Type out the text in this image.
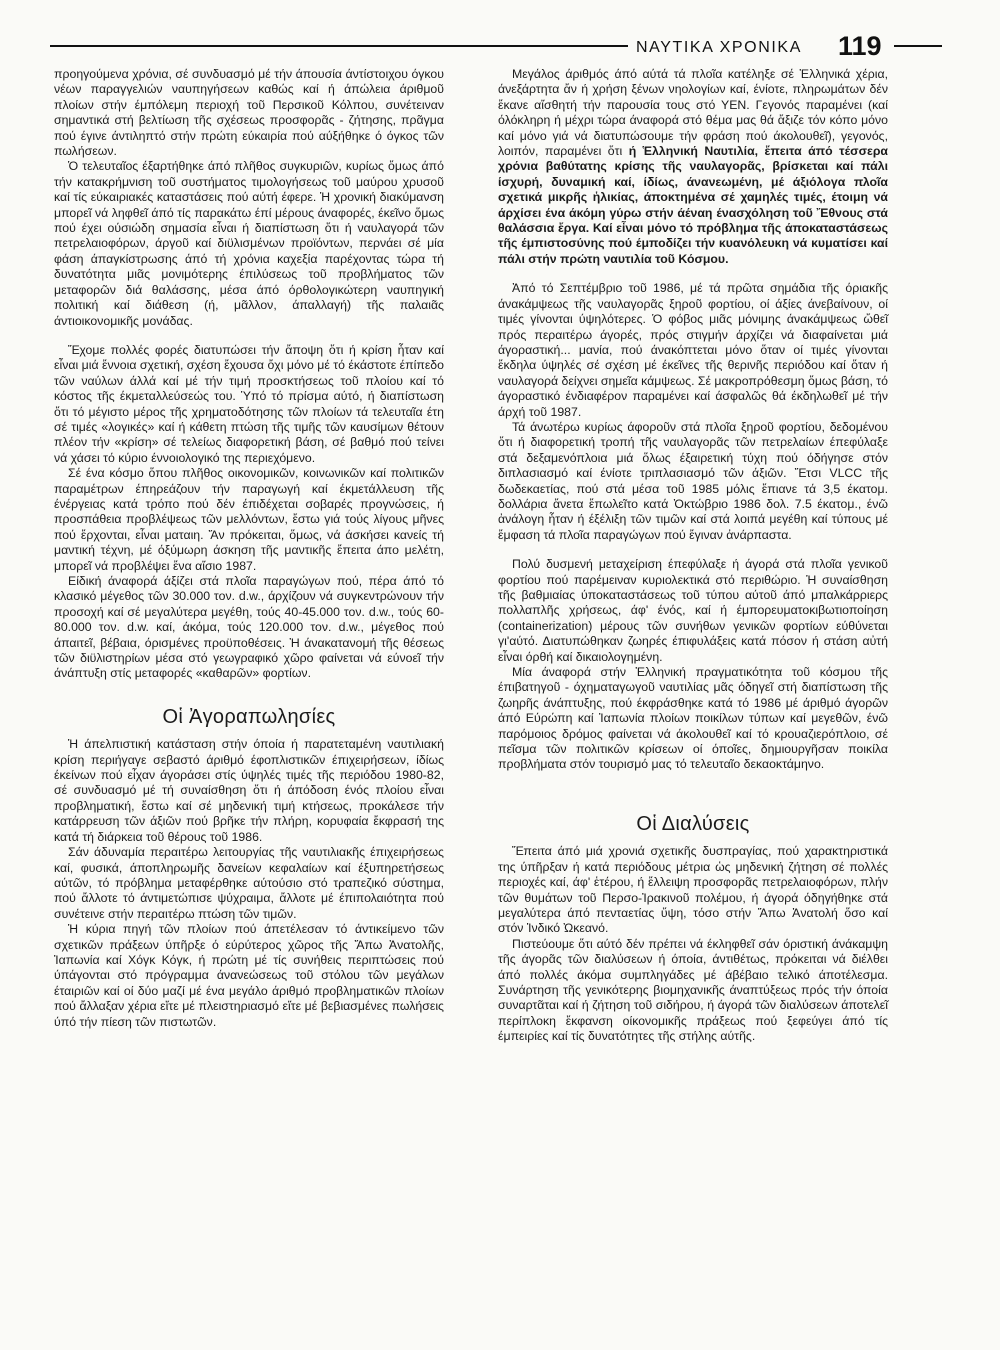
ΝΑΥΤΙΚΑ ΧΡΟΝΙΚΑ 119

προηγούμενα χρόνια, σέ συνδυασμό μέ τήν άπουσία άντίστοιχου όγκου νέων παραγγελιών ναυπηγήσεων καθώς καί ή άπώλεια άριθμοῦ πλοίων στήν έμπόλεμη περιοχή τοῦ Περσικοῦ Κόλπου, συνέτειναν σημαντικά στή βελτίωση τῆς σχέσεως προσφορᾶς - ζήτησης, πρᾶγμα πού έγινε άντιληπτό στήν πρώτη εύκαιρία πού αύξήθηκε ό όγκος τῶν πωλήσεων.

Ὁ τελευταῖος έξαρτήθηκε άπό πλῆθος συγκυριῶν, κυρίως ὅμως άπό τήν κατακρήμνιση τοῦ συστήματος τιμολογήσεως τοῦ μαύρου χρυσοῦ καί τίς εύκαιριακές καταστάσεις πού αύτή έφερε. Ἡ χρονική διακύμανση μπορεῖ νά ληφθεῖ άπό τίς παρακάτω έπί μέρους άναφορές, έκεῖνο ὅμως πού έχει ούσιώδη σημασία εἶναι ή διαπίστωση ὅτι ή ναυλαγορά τῶν πετρελαιοφόρων, άργοῦ καί διϋλισμένων προϊόντων, περνάει σέ μία φάση άπαγκίστρωσης άπό τή χρόνια καχεξία παρέχοντας τώρα τή δυνατότητα μιᾶς μονιμότερης έπιλύσεως τοῦ προβλήματος τῶν μεταφορῶν διά θαλάσσης, μέσα άπό όρθολογικώτερη ναυπηγική πολιτική καί διάθεση (ή, μᾶλλον, άπαλλαγή) τῆς παλαιᾶς άντιοικονομικῆς μονάδας.

Ἔχομε πολλές φορές διατυπώσει τήν ἄποψη ὅτι ή κρίση ἦταν καί εἶναι μιά ἔννοια σχετική, σχέση ἔχουσα ὄχι μόνο μέ τό έκάστοτε έπίπεδο τῶν ναύλων άλλά καί μέ τήν τιμή προσκτήσεως τοῦ πλοίου καί τό κόστος τῆς έκμεταλλεύσεώς του. Ὑπό τό πρίσμα αύτό, ή διαπίστωση ὅτι τό μέγιστο μέρος τῆς χρηματοδότησης τῶν πλοίων τά τελευταῖα έτη σέ τιμές «λογικές» καί ή κάθετη πτώση τῆς τιμῆς τῶν καυσίμων θέτουν πλέον τήν «κρίση» σέ τελείως διαφορετική βάση, σέ βαθμό πού τείνει νά χάσει τό κύριο έννοιολογικό της περιεχόμενο.

Σέ ένα κόσμο ὅπου πλῆθος οικονομικῶν, κοινωνικῶν καί πολιτικῶν παραμέτρων έπηρεάζουν τήν παραγωγή καί έκμετάλλευση τῆς ένέργειας κατά τρόπο πού δέν έπιδέχεται σοβαρές προγνώσεις, ή προσπάθεια προβλέψεως τῶν μελλόντων, ἔστω γιά τούς λίγους μῆνες πού ἔρχονται, εἶναι ματαιη. Ἄν πρόκειται, ὅμως, νά άσκήσει κανείς τή μαντική τέχνη, μέ όξύμωρη άσκηση τῆς μαντικῆς ἔπειτα άπο μελέτη, μπορεῖ νά προβλέψει ἔνα αἴσιο 1987.

Είδική άναφορά άξίζει στά πλοῖα παραγώγων πού, πέρα άπό τό κλασικό μέγεθος τῶν 30.000 τον. d.w., άρχίζουν νά συγκεντρώνουν τήν προσοχή καί σέ μεγαλύτερα μεγέθη, τούς 40-45.000 τον. d.w., τούς 60-80.000 τον. d.w. καί, άκόμα, τούς 120.000 τον. d.w., μέγεθος πού άπαιτεῖ, βέβαια, όρισμένες προϋποθέσεις. Ἡ άνακατανομή τῆς θέσεως τῶν διϋλιστηρίων μέσα στό γεωγραφικό χῶρο φαίνεται νά εύνοεῖ τήν άνάπτυξη στίς μεταφορές «καθαρῶν» φορτίων.

Οἱ Ἀγοραπωλησίες

Ἡ άπελπιστική κατάσταση στήν όποία ή παρατεταμένη ναυτιλιακή κρίση περιήγαγε σεβαστό άριθμό έφοπλιστικῶν έπιχειρήσεων, ίδίως έκείνων πού εἶχαν άγοράσει στίς ύψηλές τιμές τῆς περιόδου 1980-82, σέ συνδυασμό μέ τή συναίσθηση ὅτι ή άπόδοση ένός πλοίου εἶναι προβληματική, ἔστω καί σέ μηδενική τιμή κτήσεως, προκάλεσε τήν κατάρρευση τῶν άξιῶν πού βρῆκε τήν πλήρη, κορυφαία ἔκφρασή της κατά τή διάρκεια τοῦ θέρους τοῦ 1986.

Σάν άδυναμία περαιτέρω λειτουργίας τῆς ναυτιλιακῆς έπιχειρήσεως καί, φυσικά, άποπληρωμῆς δανείων κεφαλαίων καί έξυπηρετήσεως αύτῶν, τό πρόβλημα μεταφέρθηκε αύτούσιο στό τραπεζικό σύστημα, πού ἄλλοτε τό άντιμετώπισε ψύχραιμα, ἄλλοτε μέ έπιπολαιότητα πού συνέτεινε στήν περαιτέρω πτώση τῶν τιμῶν.

Ἡ κύρια πηγή τῶν πλοίων πού άπετέλεσαν τό άντικείμενο τῶν σχετικῶν πράξεων ύπῆρξε ό εύρύτερος χῶρος τῆς Ἄπω Ἀνατολῆς, Ἰαπωνία καί Χόγκ Κόγκ, ή πρώτη μέ τίς συνήθεις περιπτώσεις πού ύπάγονται στό πρόγραμμα άνανεώσεως τοῦ στόλου τῶν μεγάλων έταιριῶν καί οί δύο μαζί μέ ένα μεγάλο άριθμό προβληματικῶν πλοίων πού ἄλλαξαν χέρια εἴτε μέ πλειστηριασμό εἴτε μέ βεβιασμένες πωλήσεις ύπό τήν πίεση τῶν πιστωτῶν.

Μεγάλος άριθμός άπό αύτά τά πλοῖα κατέληξε σέ Ἑλληνικά χέρια, άνεξάρτητα ἄν ή χρήση ξένων νηολογίων καί, ένίοτε, πληρωμάτων δέν ἔκανε αἴσθητή τήν παρουσία τους στό ΥΕΝ. Γεγονός παραμένει (καί όλόκληρη ή μέχρι τώρα άναφορά στό θέμα μας θά ἄξιζε τόν κόπο μόνο καί μόνο γιά νά διατυπώσουμε τήν φράση πού άκολουθεῖ), γεγονός, λοιπόν, παραμένει ὅτι ή Ἑλληνική Ναυτιλία, ἔπειτα άπό τέσσερα χρόνια βαθύτατης κρίσης τῆς ναυλαγορᾶς, βρίσκεται καί πάλι ίσχυρή, δυναμική καί, ίδίως, άνανεωμένη, μέ άξιόλογα πλοῖα σχετικά μικρῆς ἡλικίας, άποκτημένα σέ χαμηλές τιμές, έτοιμη νά άρχίσει ένα άκόμη γύρω στήν άέναη ένασχόληση τοῦ Ἔθνους στά θαλάσσια ἔργα. Καί εἶναι μόνο τό πρόβλημα τῆς άποκαταστάσεως τῆς έμπιστοσύνης πού έμποδίζει τήν κυανόλευκη νά κυματίσει καί πάλι στήν πρώτη ναυτιλία τοῦ Κόσμου.

Ἀπό τό Σεπτέμβριο τοῦ 1986, μέ τά πρῶτα σημάδια τῆς όριακῆς άνακάμψεως τῆς ναυλαγορᾶς ξηροῦ φορτίου, οί άξίες άνεβαίνουν, οί τιμές γίνονται ύψηλότερες. Ὁ φόβος μιᾶς μόνιμης άνακάμψεως ὤθεῖ πρός περαιτέρω άγορές, πρός στιγμήν άρχίζει νά διαφαίνεται μιά άγοραστική... μανία, πού άνακόπτεται μόνο ὅταν οί τιμές γίνονται ἔκδηλα ύψηλές σέ σχέση μέ έκεῖνες τῆς θερινῆς περιόδου καί ὅταν ή ναυλαγορά δείχνει σημεῖα κάμψεως. Σέ μακροπρόθεσμη ὅμως βάση, τό άγοραστικό ένδιαφέρον παραμένει καί άσφαλῶς θά έκδηλωθεῖ μέ τήν άρχή τοῦ 1987.

Τά άνωτέρω κυρίως άφοροῦν στά πλοῖα ξηροῦ φορτίου, δεδομένου ὅτι ή διαφορετική τροπή τῆς ναυλαγορᾶς τῶν πετρελαίων έπεφύλαξε στά δεξαμενόπλοια μιά ὅλως έξαιρετική τύχη πού όδήγησε στόν διπλασιασμό καί ένίοτε τριπλασιασμό τῶν άξιῶν. Ἔτσι VLCC τῆς δωδεκαετίας, πού στά μέσα τοῦ 1985 μόλις ἔπιανε τά 3,5 έκατομ. δολλάρια ἄνετα ἔπωλεῖτο κατά Ὀκτώβριο 1986 δολ. 7.5 έκατομ., ένῶ ἀνάλογη ἦταν ή έξέλιξη τῶν τιμῶν καί στά λοιπά μεγέθη καί τύπους μέ ἔμφαση τά πλοῖα παραγώγων πού ἔγιναν ἀνάρπαστα.

Πολύ δυσμενή μεταχείριση έπεφύλαξε ή άγορά στά πλοῖα γενικοῦ φορτίου πού παρέμειναν κυριολεκτικά στό περιθώριο. Ἡ συναίσθηση τῆς βαθμιαίας ύποκαταστάσεως τοῦ τύπου αύτοῦ άπό μπαλκάρριερς πολλαπλῆς χρήσεως, άφ' ένός, καί ή έμπορευματοκιβωτιοποίηση (containerization) μέρους τῶν συνήθων γενικῶν φορτίων εύθύνεται γι'αύτό. Διατυπώθηκαν ζωηρές έπιφυλάξεις κατά πόσον ή στάση αὐτή εἶναι όρθή καί δικαιολογημένη.

Μία άναφορά στήν Ἑλληνική πραγματικότητα τοῦ κόσμου τῆς έπιβατηγοῦ - όχηματαγωγοῦ ναυτιλίας μᾶς όδηγεῖ στή διαπίστωση τῆς ζωηρῆς άνάπτυξης, πού έκφράσθηκε κατά τό 1986 μέ άριθμό άγορῶν άπό Εύρώπη καί Ἰαπωνία πλοίων ποικίλων τύπων καί μεγεθῶν, ένῶ παρόμοιος δρόμος φαίνεται νά άκολουθεῖ καί τό κρουαζιερόπλοιο, σέ πεῖσμα τῶν πολιτικῶν κρίσεων οί όποῖες, δημιουργῆσαν ποικίλα προβλήματα στόν τουρισμό μας τό τελευταῖο δεκαοκτάμηνο.

Οἱ Διαλύσεις

Ἔπειτα άπό μιά χρονιά σχετικῆς δυσπραγίας, πού χαρακτηριστικά της ύπῆρξαν ή κατά περιόδους μέτρια ὡς μηδενική ζήτηση σέ πολλές περιοχές καί, άφ' ἑτέρου, ή ἔλλειψη προσφορᾶς πετρελαιοφόρων, πλήν τῶν θυμάτων τοῦ Περσο-Ἰρακινοῦ πολέμου, ή άγορά όδηγήθηκε στά μεγαλύτερα άπό πενταετίας ὕψη, τόσο στήν Ἄπω Ἀνατολή ὅσο καί στόν Ἰνδικό Ὠκεανό.

Πιστεύουμε ὅτι αύτό δέν πρέπει νά έκληφθεῖ σάν όριστική άνάκαμψη τῆς άγορᾶς τῶν διαλύσεων ή όποία, άντιθέτως, πρόκειται νά διέλθει άπό πολλές άκόμα συμπληγάδες μέ άβέβαιο τελικό άποτέλεσμα. Συνάρτηση τῆς γενικότερης βιομηχανικῆς άναπτύξεως πρός τήν όποία συναρτᾶται καί ή ζήτηση τοῦ σιδήρου, ή άγορά τῶν διαλύσεων άποτελεῖ περίπλοκη ἔκφανση οίκονομικῆς πράξεως πού ξεφεύγει άπό τίς έμπειρίες καί τίς δυνατότητες τῆς στήλης αύτῆς.
